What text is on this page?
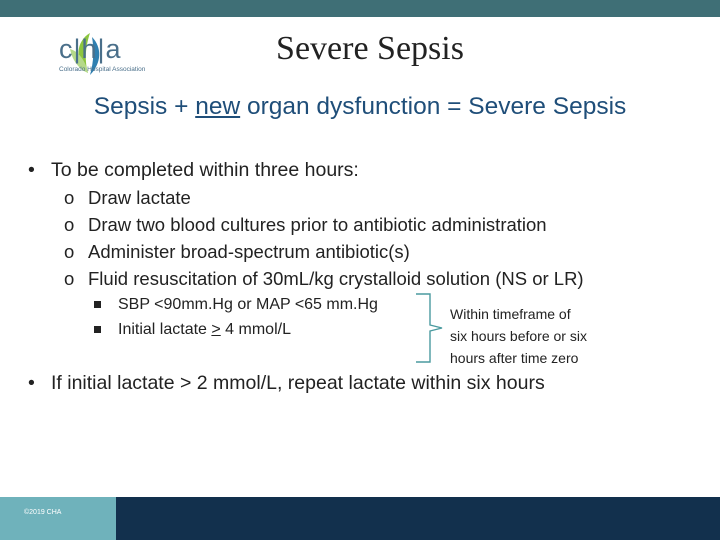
c|h|a
Colorado Hospital Association
Severe Sepsis
Sepsis + new organ dysfunction = Severe Sepsis
• To be completed within three hours:
o Draw lactate
o Draw two blood cultures prior to antibiotic administration
o Administer broad-spectrum antibiotic(s)
o Fluid resuscitation of 30mL/kg crystalloid solution (NS or LR)
SBP <90mm.Hg or MAP <65 mm.Hg
Initial lactate > 4 mmol/L
Within timeframe of
six hours before or six
hours after time zero
• If initial lactate > 2 mmol/L, repeat lactate within six hours
©2019 CHA
